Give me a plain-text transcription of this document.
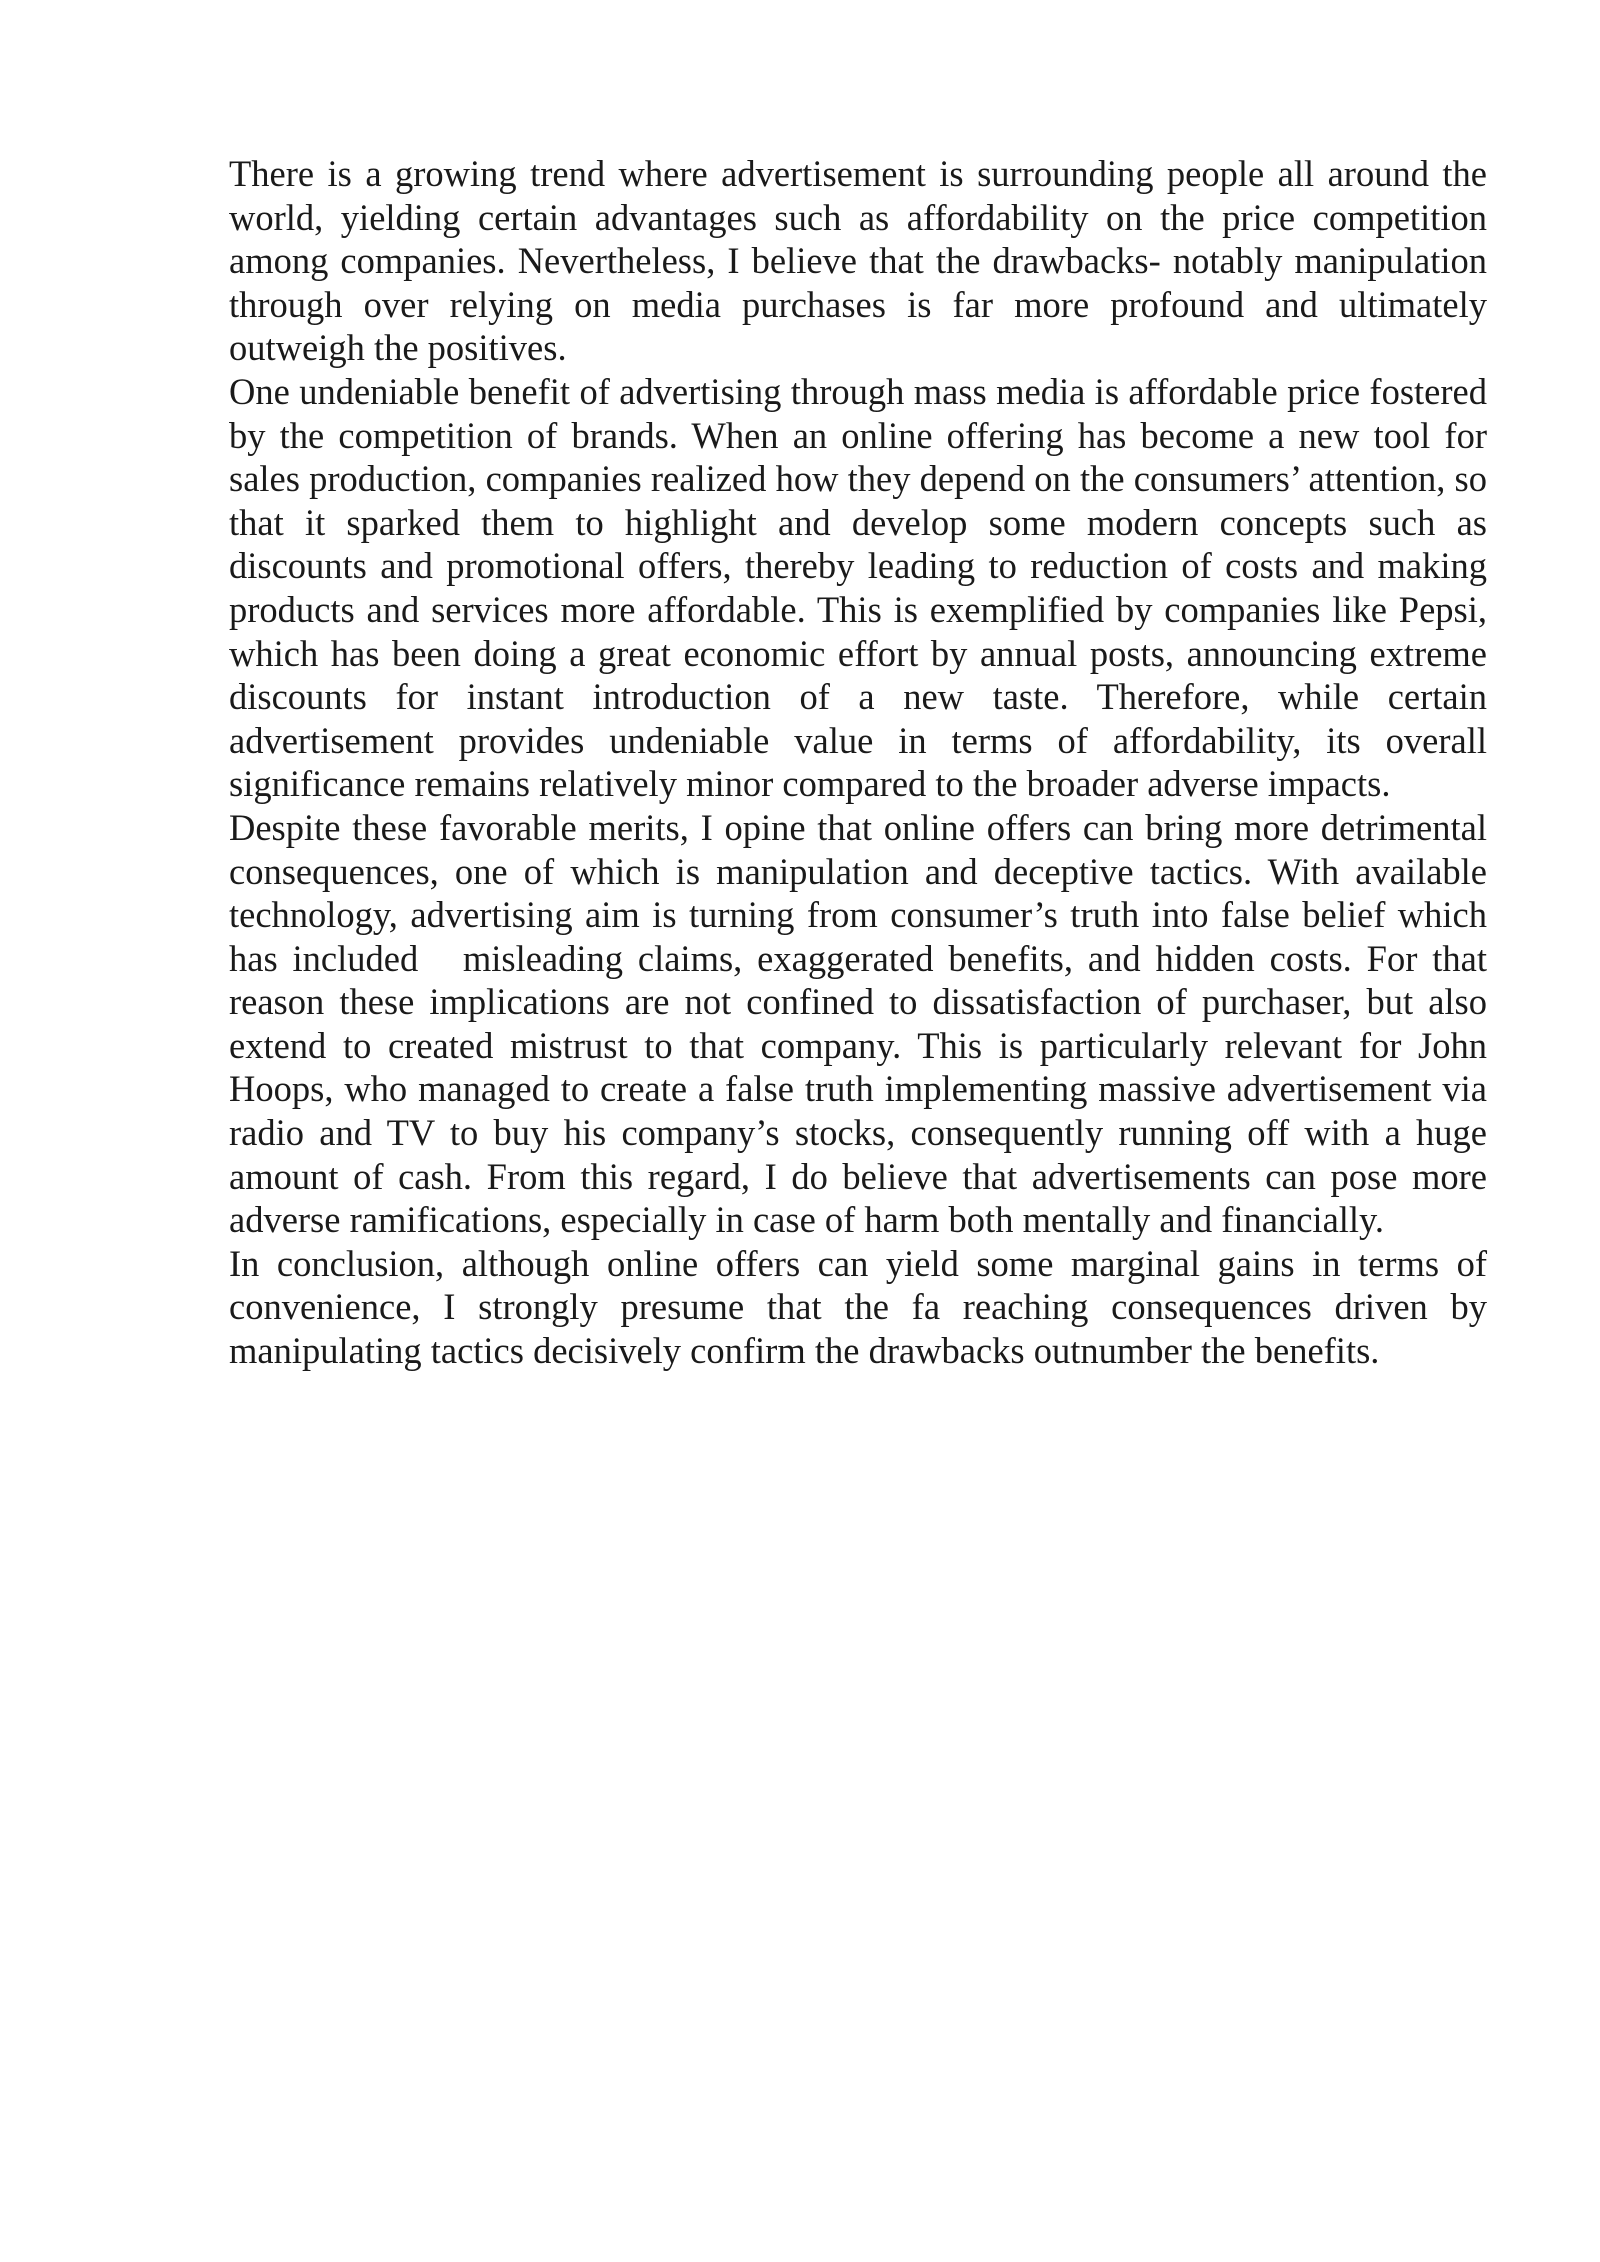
There is a growing trend where advertisement is surrounding people all around the world, yielding certain advantages such as affordability on the price competition among companies. Nevertheless, I believe that the drawbacks- notably manipulation through over relying on media purchases is far more profound and ultimately outweigh the positives.

One undeniable benefit of advertising through mass media is affordable price fostered by the competition of brands. When an online offering has become a new tool for sales production, companies realized how they depend on the consumers’ attention, so that it sparked them to highlight and develop some modern concepts such as discounts and promotional offers, thereby leading to reduction of costs and making products and services more affordable. This is exemplified by companies like Pepsi, which has been doing a great economic effort by annual posts, announcing extreme discounts for instant introduction of a new taste. Therefore, while certain advertisement provides undeniable value in terms of affordability, its overall significance remains relatively minor compared to the broader adverse impacts.

Despite these favorable merits, I opine that online offers can bring more detrimental consequences, one of which is manipulation and deceptive tactics. With available technology, advertising aim is turning from consumer’s truth into false belief which has included   misleading claims, exaggerated benefits, and hidden costs. For that reason these implications are not confined to dissatisfaction of purchaser, but also extend to created mistrust to that company. This is particularly relevant for John Hoops, who managed to create a false truth implementing massive advertisement via radio and TV to buy his company’s stocks, consequently running off with a huge amount of cash. From this regard, I do believe that advertisements can pose more adverse ramifications, especially in case of harm both mentally and financially.

In conclusion, although online offers can yield some marginal gains in terms of convenience, I strongly presume that the fa reaching consequences driven by manipulating tactics decisively confirm the drawbacks outnumber the benefits.
